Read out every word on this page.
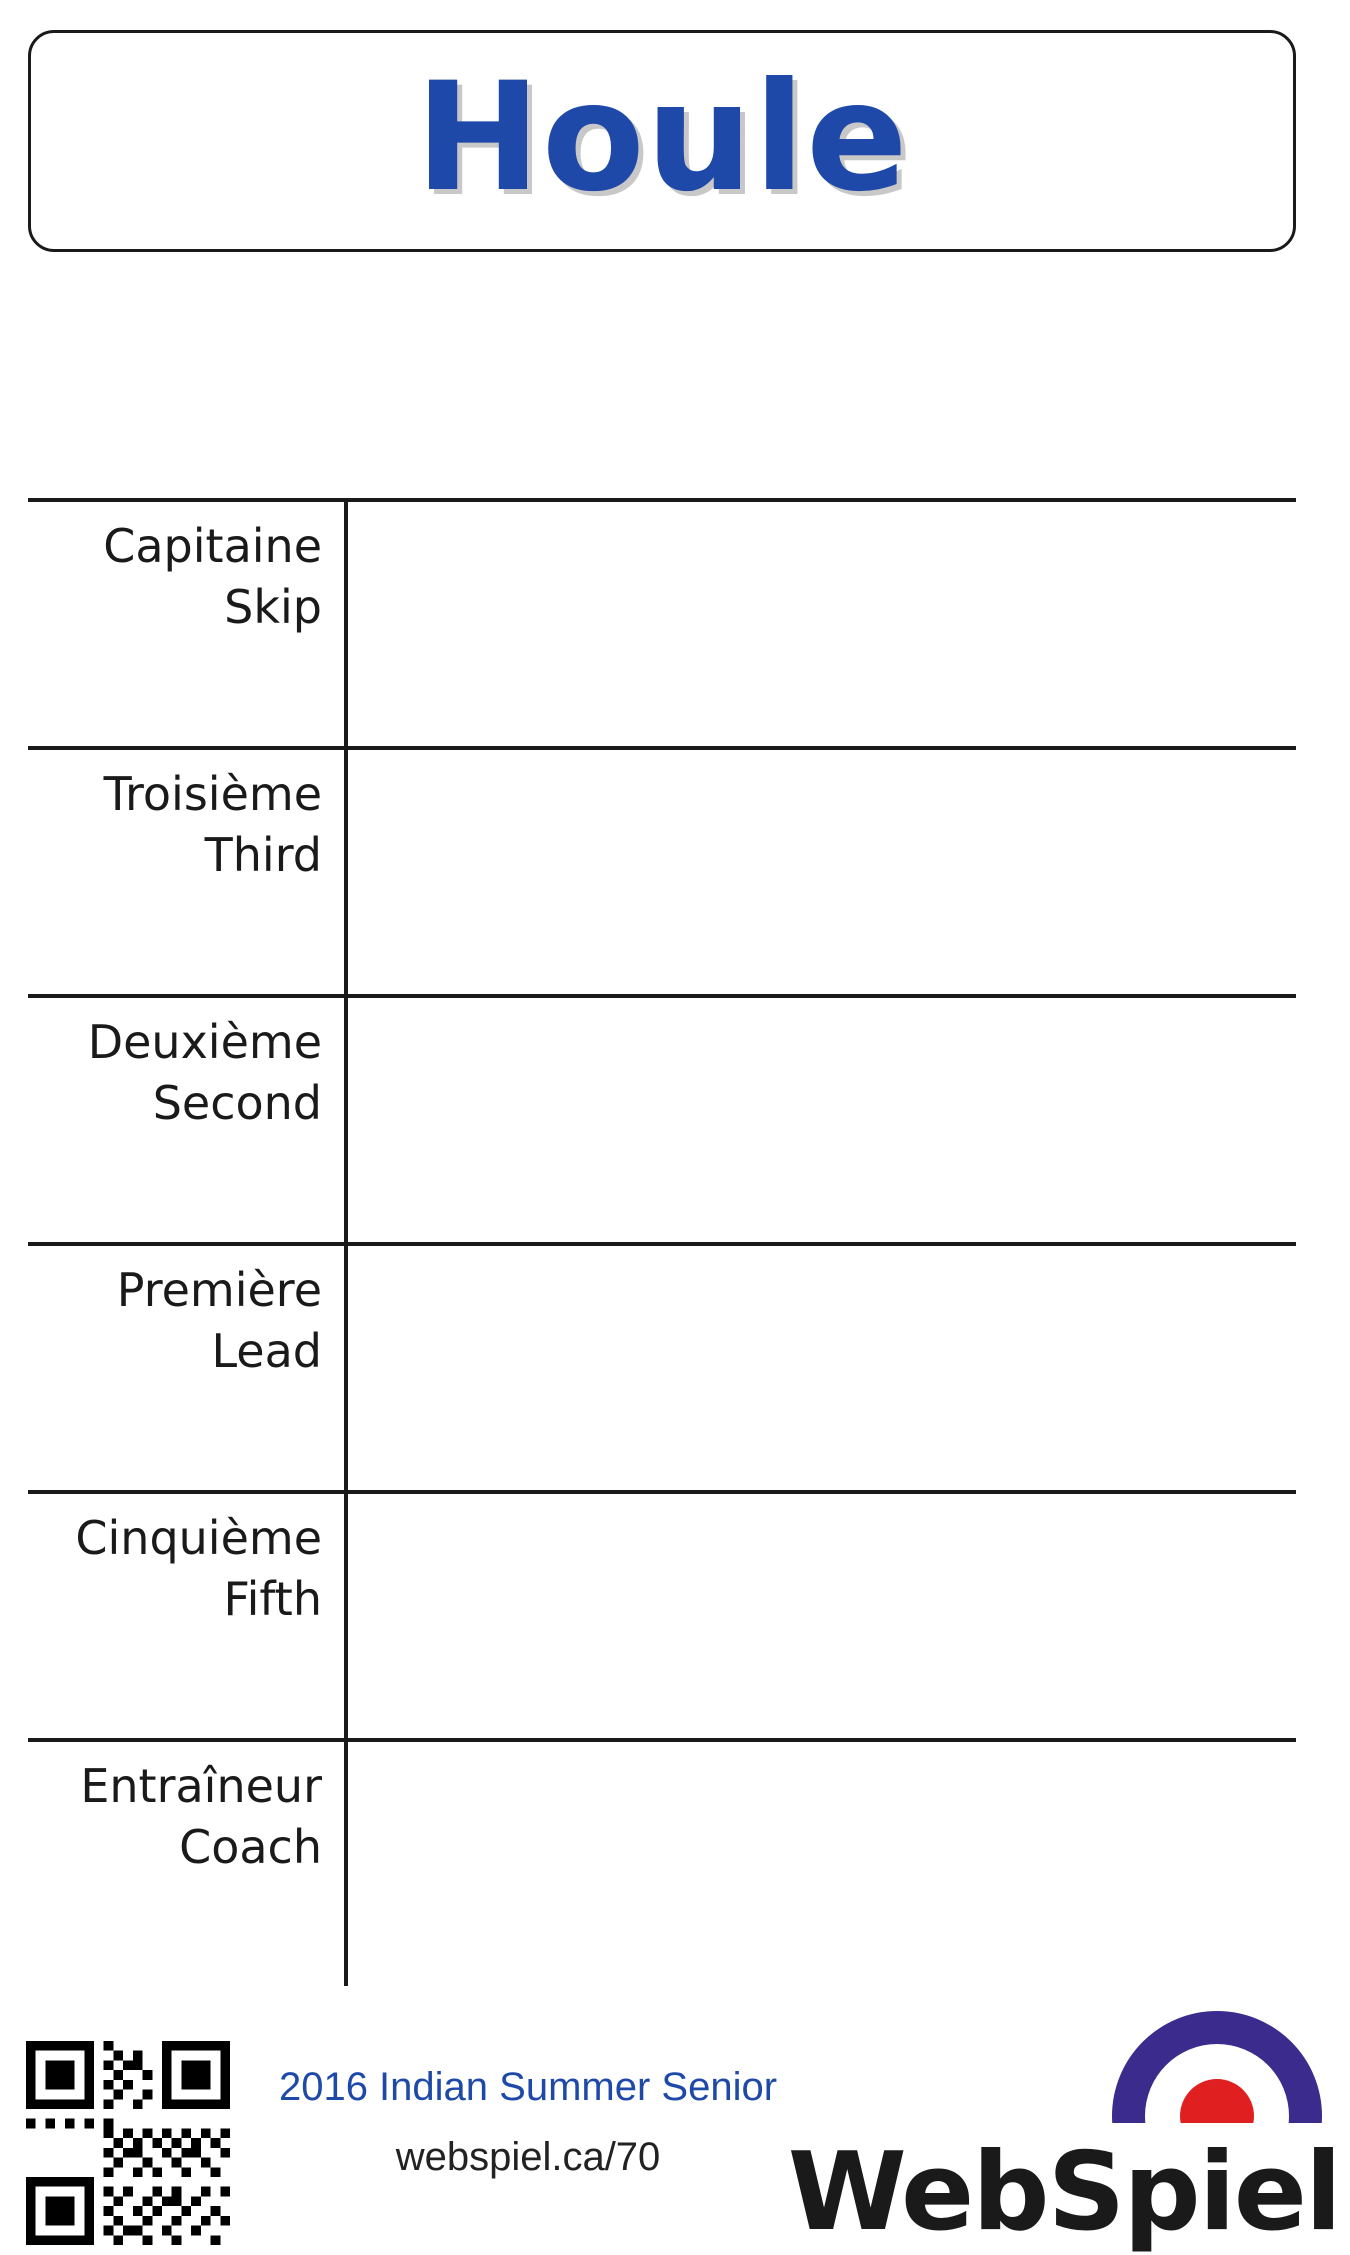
Houle
Capitaine
Skip
Troisième
Third
Deuxième
Second
Première
Lead
Cinquième
Fifth
Entraîneur
Coach
2016 Indian Summer Senior
webspiel.ca/70	WebSpiel
